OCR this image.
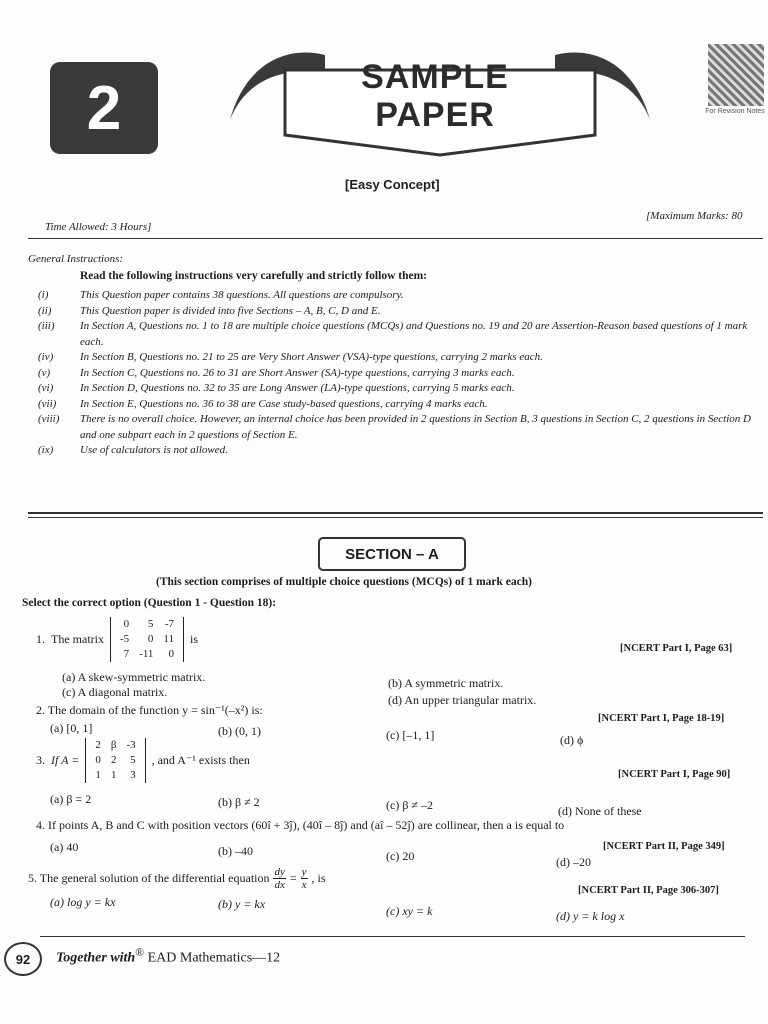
2	SAMPLE
PAPER	For Revision Notes
[Easy Concept]
Time Allowed: 3 Hours]
[Maximum Marks: 80
General Instructions:
Read the following instructions very carefully and strictly follow them:
(i)	This Question paper contains 38 questions. All questions are compulsory.
(ii)	This Question paper is divided into five Sections – A, B, C, D and E.
(iii)	In Section A, Questions no. 1 to 18 are multiple choice questions (MCQs) and Questions no. 19 and 20 are Assertion-Reason based questions of 1 mark each.
(iv)	In Section B, Questions no. 21 to 25 are Very Short Answer (VSA)-type questions, carrying 2 marks each.
(v)	In Section C, Questions no. 26 to 31 are Short Answer (SA)-type questions, carrying 3 marks each.
(vi)	In Section D, Questions no. 32 to 35 are Long Answer (LA)-type questions, carrying 5 marks each.
(vii)	In Section E, Questions no. 36 to 38 are Case study-based questions, carrying 4 marks each.
(viii)	There is no overall choice. However, an internal choice has been provided in 2 questions in Section B, 3 questions in Section C, 2 questions in Section D and one subpart each in 2 questions of Section E.
(ix)	Use of calculators is not allowed.
SECTION – A
(This section comprises of multiple choice questions (MCQs) of 1 mark each)
Select the correct option (Question 1 - Question 18):
1. The matrix
0	5	-7
-5	0	11
7	-11	0
is
[NCERT Part I, Page 63]
(a) A skew-symmetric matrix.	(b) A symmetric matrix.
(c) A diagonal matrix.
(d) An upper triangular matrix.
2. The domain of the function y = sin⁻¹(–x²) is:
[NCERT Part I, Page 18-19]
(a) [0, 1]	(b) (0, 1)	(c) [–1, 1]	(d) ϕ
3. If A =
2	β	-3
0	2	5
1	1	3
, and A⁻¹ exists then
[NCERT Part I, Page 90]
(a) β = 2	(b) β ≠ 2	(c) β ≠ –2	(d) None of these
4. If points A, B and C with position vectors (60î + 3ĵ), (40î – 8ĵ) and (aî – 52ĵ) are collinear, then a is equal to
[NCERT Part II, Page 349]
(a) 40	(b) –40	(c) 20	(d) –20
5. The general solution of the differential equation $\frac{dy}{dx} = \frac{y}{x}$ , is
[NCERT Part II, Page 306-307]
(a) log y = kx	(b) y = kx	(c) xy = k	(d) y = k log x
92	Together with® EAD Mathematics—12
